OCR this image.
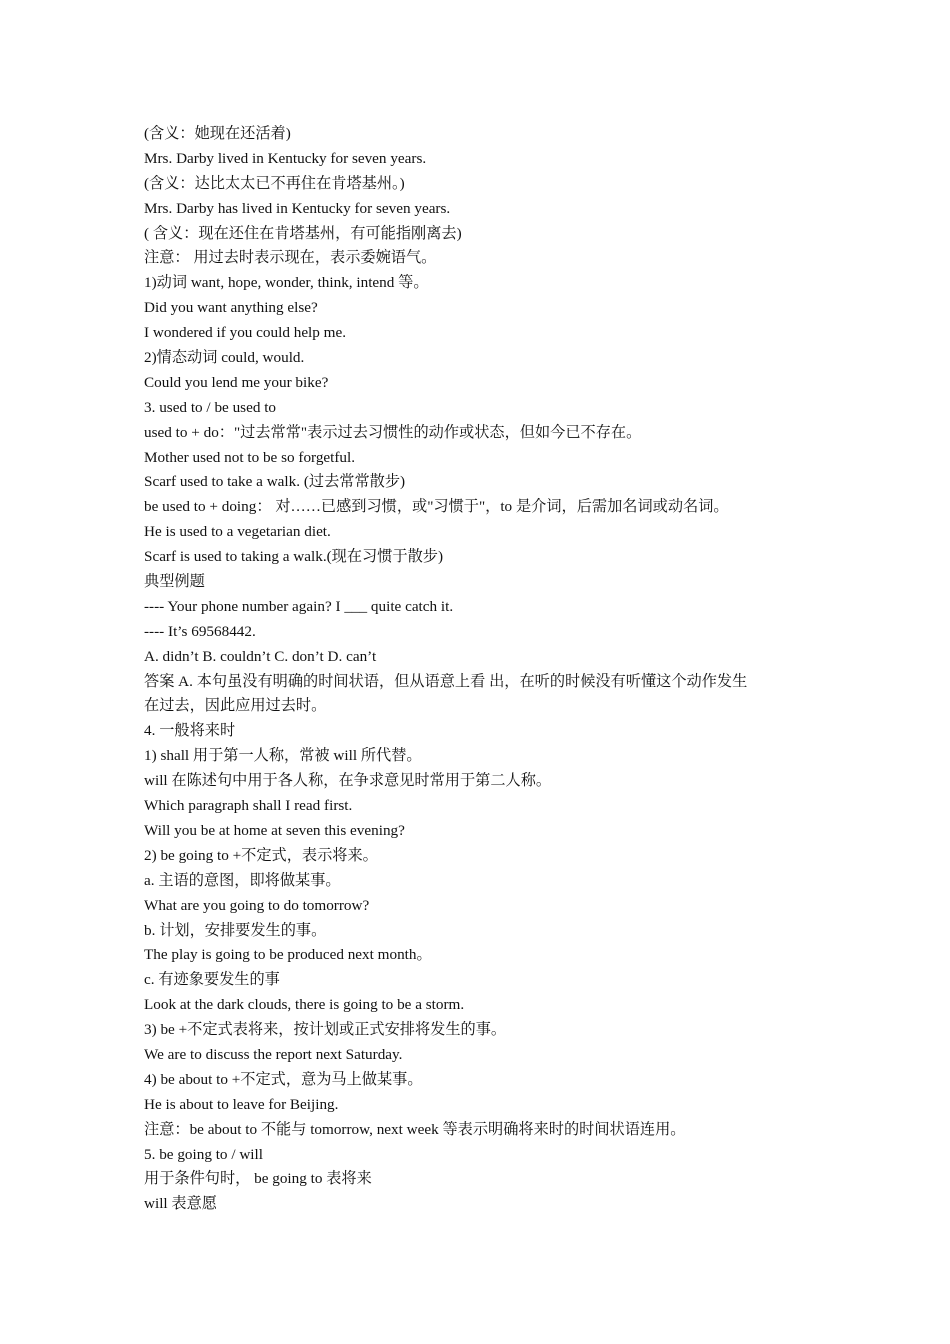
(含义：她现在还活着)
Mrs. Darby lived in Kentucky for seven years.
(含义：达比太太已不再住在肯塔基州。)
Mrs. Darby has lived in Kentucky for seven years.
( 含义：现在还住在肯塔基州，有可能指刚离去)
注意： 用过去时表示现在，表示委婉语气。
1)动词 want, hope, wonder, think, intend 等。
Did you want anything else?
I wondered if you could help me.
2)情态动词 could, would.
Could you lend me your bike?
3. used to / be used to
used to + do："过去常常"表示过去习惯性的动作或状态，但如今已不存在。
Mother used not to be so forgetful.
Scarf used to take a walk. (过去常常散步)
be used to + doing： 对……已感到习惯，或"习惯于"，to 是介词，后需加名词或动名词。
He is used to a vegetarian diet.
Scarf is used to taking a walk.(现在习惯于散步)
典型例题
---- Your phone number again? I ___ quite catch it.
---- It’s 69568442.
A. didn’t B. couldn’t C. don’t D. can’t
答案 A. 本句虽没有明确的时间状语，但从语意上看 出，在听的时候没有听懂这个动作发生
在过去，因此应用过去时。
4. 一般将来时
1) shall 用于第一人称，常被 will 所代替。
will 在陈述句中用于各人称，在争求意见时常用于第二人称。
Which paragraph shall I read first.
Will you be at home at seven this evening?
2) be going to +不定式，表示将来。
a. 主语的意图，即将做某事。
What are you going to do tomorrow?
b. 计划，安排要发生的事。
The play is going to be produced next month。
c. 有迹象要发生的事
Look at the dark clouds, there is going to be a storm.
3) be +不定式表将来，按计划或正式安排将发生的事。
We are to discuss the report next Saturday.
4) be about to +不定式，意为马上做某事。
He is about to leave for Beijing.
注意：be about to 不能与 tomorrow, next week 等表示明确将来时的时间状语连用。
5. be going to / will
用于条件句时， be going to 表将来
will 表意愿
